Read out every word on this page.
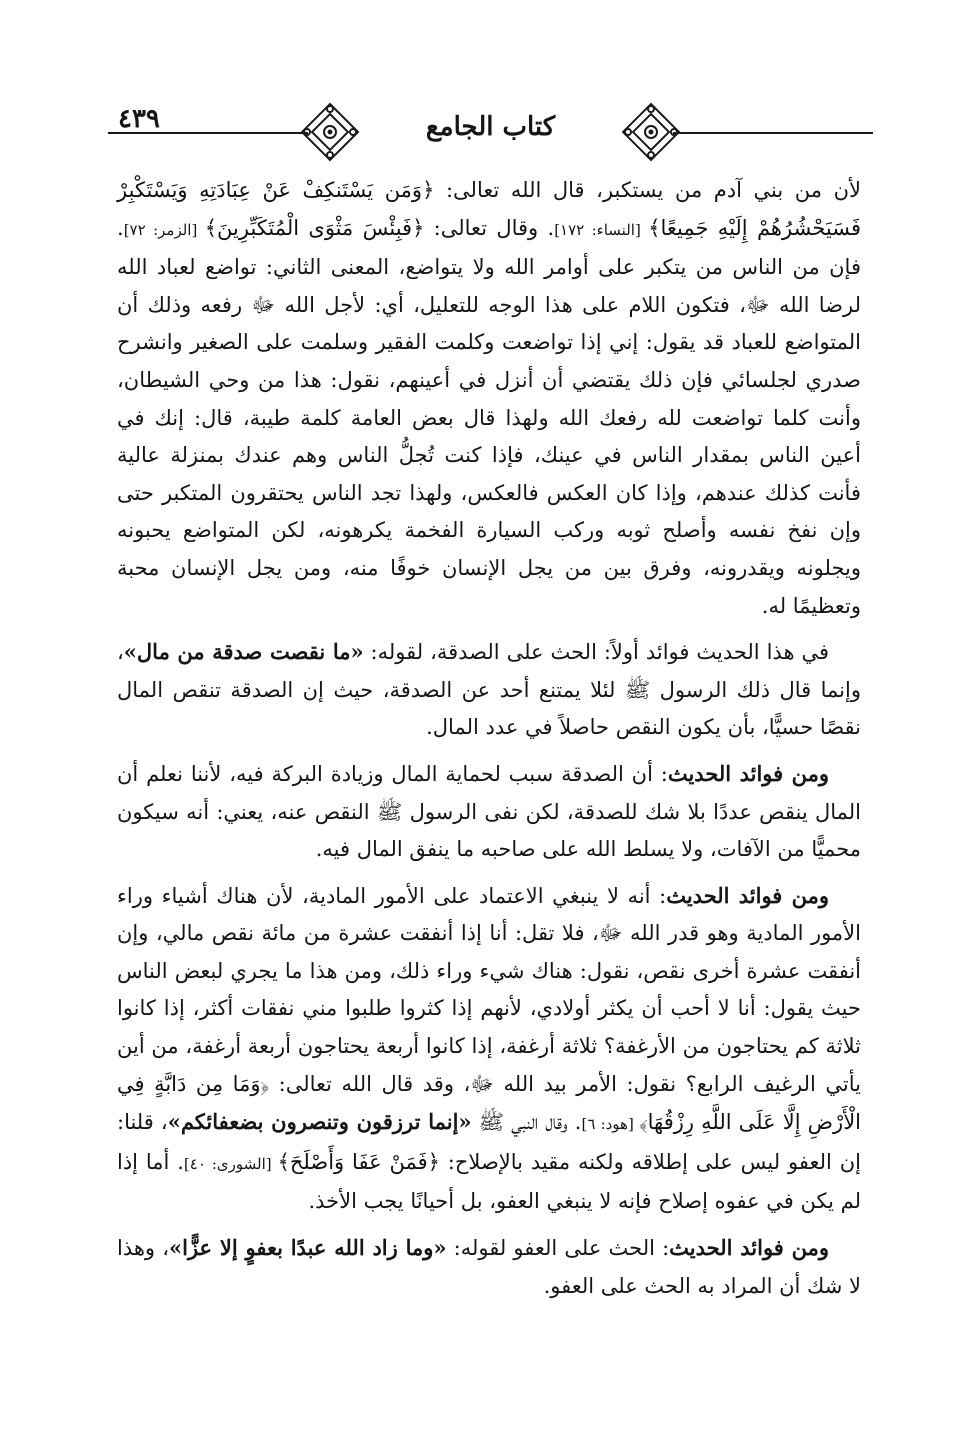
٤٣٩	كتاب الجامع

لأن من بني آدم من يستكبر، قال الله تعالى: ﴿وَمَن يَسْتَنكِفْ عَنْ عِبَادَتِهِ وَيَسْتَكْبِرْ فَسَيَحْشُرُهُمْ إِلَيْهِ جَمِيعًا﴾ [النساء: ١٧٢]. وقال تعالى: ﴿فَبِئْسَ مَثْوَى الْمُتَكَبِّرِينَ﴾ [الزمر: ٧٢]. فإن من الناس من يتكبر على أوامر الله ولا يتواضع، المعنى الثاني: تواضع لعباد الله لرضا الله ﷻ، فتكون اللام على هذا الوجه للتعليل، أي: لأجل الله ﷻ رفعه وذلك أن المتواضع للعباد قد يقول: إني إذا تواضعت وكلمت الفقير وسلمت على الصغير وانشرح صدري لجلسائي فإن ذلك يقتضي أن أنزل في أعينهم، نقول: هذا من وحي الشيطان، وأنت كلما تواضعت لله رفعك الله ولهذا قال بعض العامة كلمة طيبة، قال: إنك في أعين الناس بمقدار الناس في عينك، فإذا كنت تُجلُّ الناس وهم عندك بمنزلة عالية فأنت كذلك عندهم، وإذا كان العكس فالعكس، ولهذا تجد الناس يحتقرون المتكبر حتى وإن نفخ نفسه وأصلح ثوبه وركب السيارة الفخمة يكرهونه، لكن المتواضع يحبونه ويجلونه ويقدرونه، وفرق بين من يجل الإنسان خوفًا منه، ومن يجل الإنسان محبة وتعظيمًا له.

في هذا الحديث فوائد أولاً: الحث على الصدقة، لقوله: «ما نقصت صدقة من مال»، وإنما قال ذلك الرسول ﷺ لئلا يمتنع أحد عن الصدقة، حيث إن الصدقة تنقص المال نقصًا حسيًّا، بأن يكون النقص حاصلاً في عدد المال.

ومن فوائد الحديث: أن الصدقة سبب لحماية المال وزيادة البركة فيه، لأننا نعلم أن المال ينقص عددًا بلا شك للصدقة، لكن نفى الرسول ﷺ النقص عنه، يعني: أنه سيكون محميًّا من الآفات، ولا يسلط الله على صاحبه ما ينفق المال فيه.

ومن فوائد الحديث: أنه لا ينبغي الاعتماد على الأمور المادية، لأن هناك أشياء وراء الأمور المادية وهو قدر الله ﷻ، فلا تقل: أنا إذا أنفقت عشرة من مائة نقص مالي، وإن أنفقت عشرة أخرى نقص، نقول: هناك شيء وراء ذلك، ومن هذا ما يجري لبعض الناس حيث يقول: أنا لا أحب أن يكثر أولادي، لأنهم إذا كثروا طلبوا مني نفقات أكثر، إذا كانوا ثلاثة كم يحتاجون من الأرغفة؟ ثلاثة أرغفة، إذا كانوا أربعة يحتاجون أربعة أرغفة، من أين يأتي الرغيف الرابع؟ نقول: الأمر بيد الله ﷻ، وقد قال الله تعالى: ﴿وَمَا مِن دَابَّةٍ فِي الْأَرْضِ إِلَّا عَلَى اللَّهِ رِزْقُهَا﴾ [هود: ٦]. وقال النبي ﷺ «إنما ترزقون وتنصرون بضعفائكم»، قلنا: إن العفو ليس على إطلاقه ولكنه مقيد بالإصلاح: ﴿فَمَنْ عَفَا وَأَصْلَحَ﴾ [الشورى: ٤٠]. أما إذا لم يكن في عفوه إصلاح فإنه لا ينبغي العفو، بل أحيانًا يجب الأخذ.

ومن فوائد الحديث: الحث على العفو لقوله: «وما زاد الله عبدًا بعفوٍ إلا عزًّا»، وهذا لا شك أن المراد به الحث على العفو.
